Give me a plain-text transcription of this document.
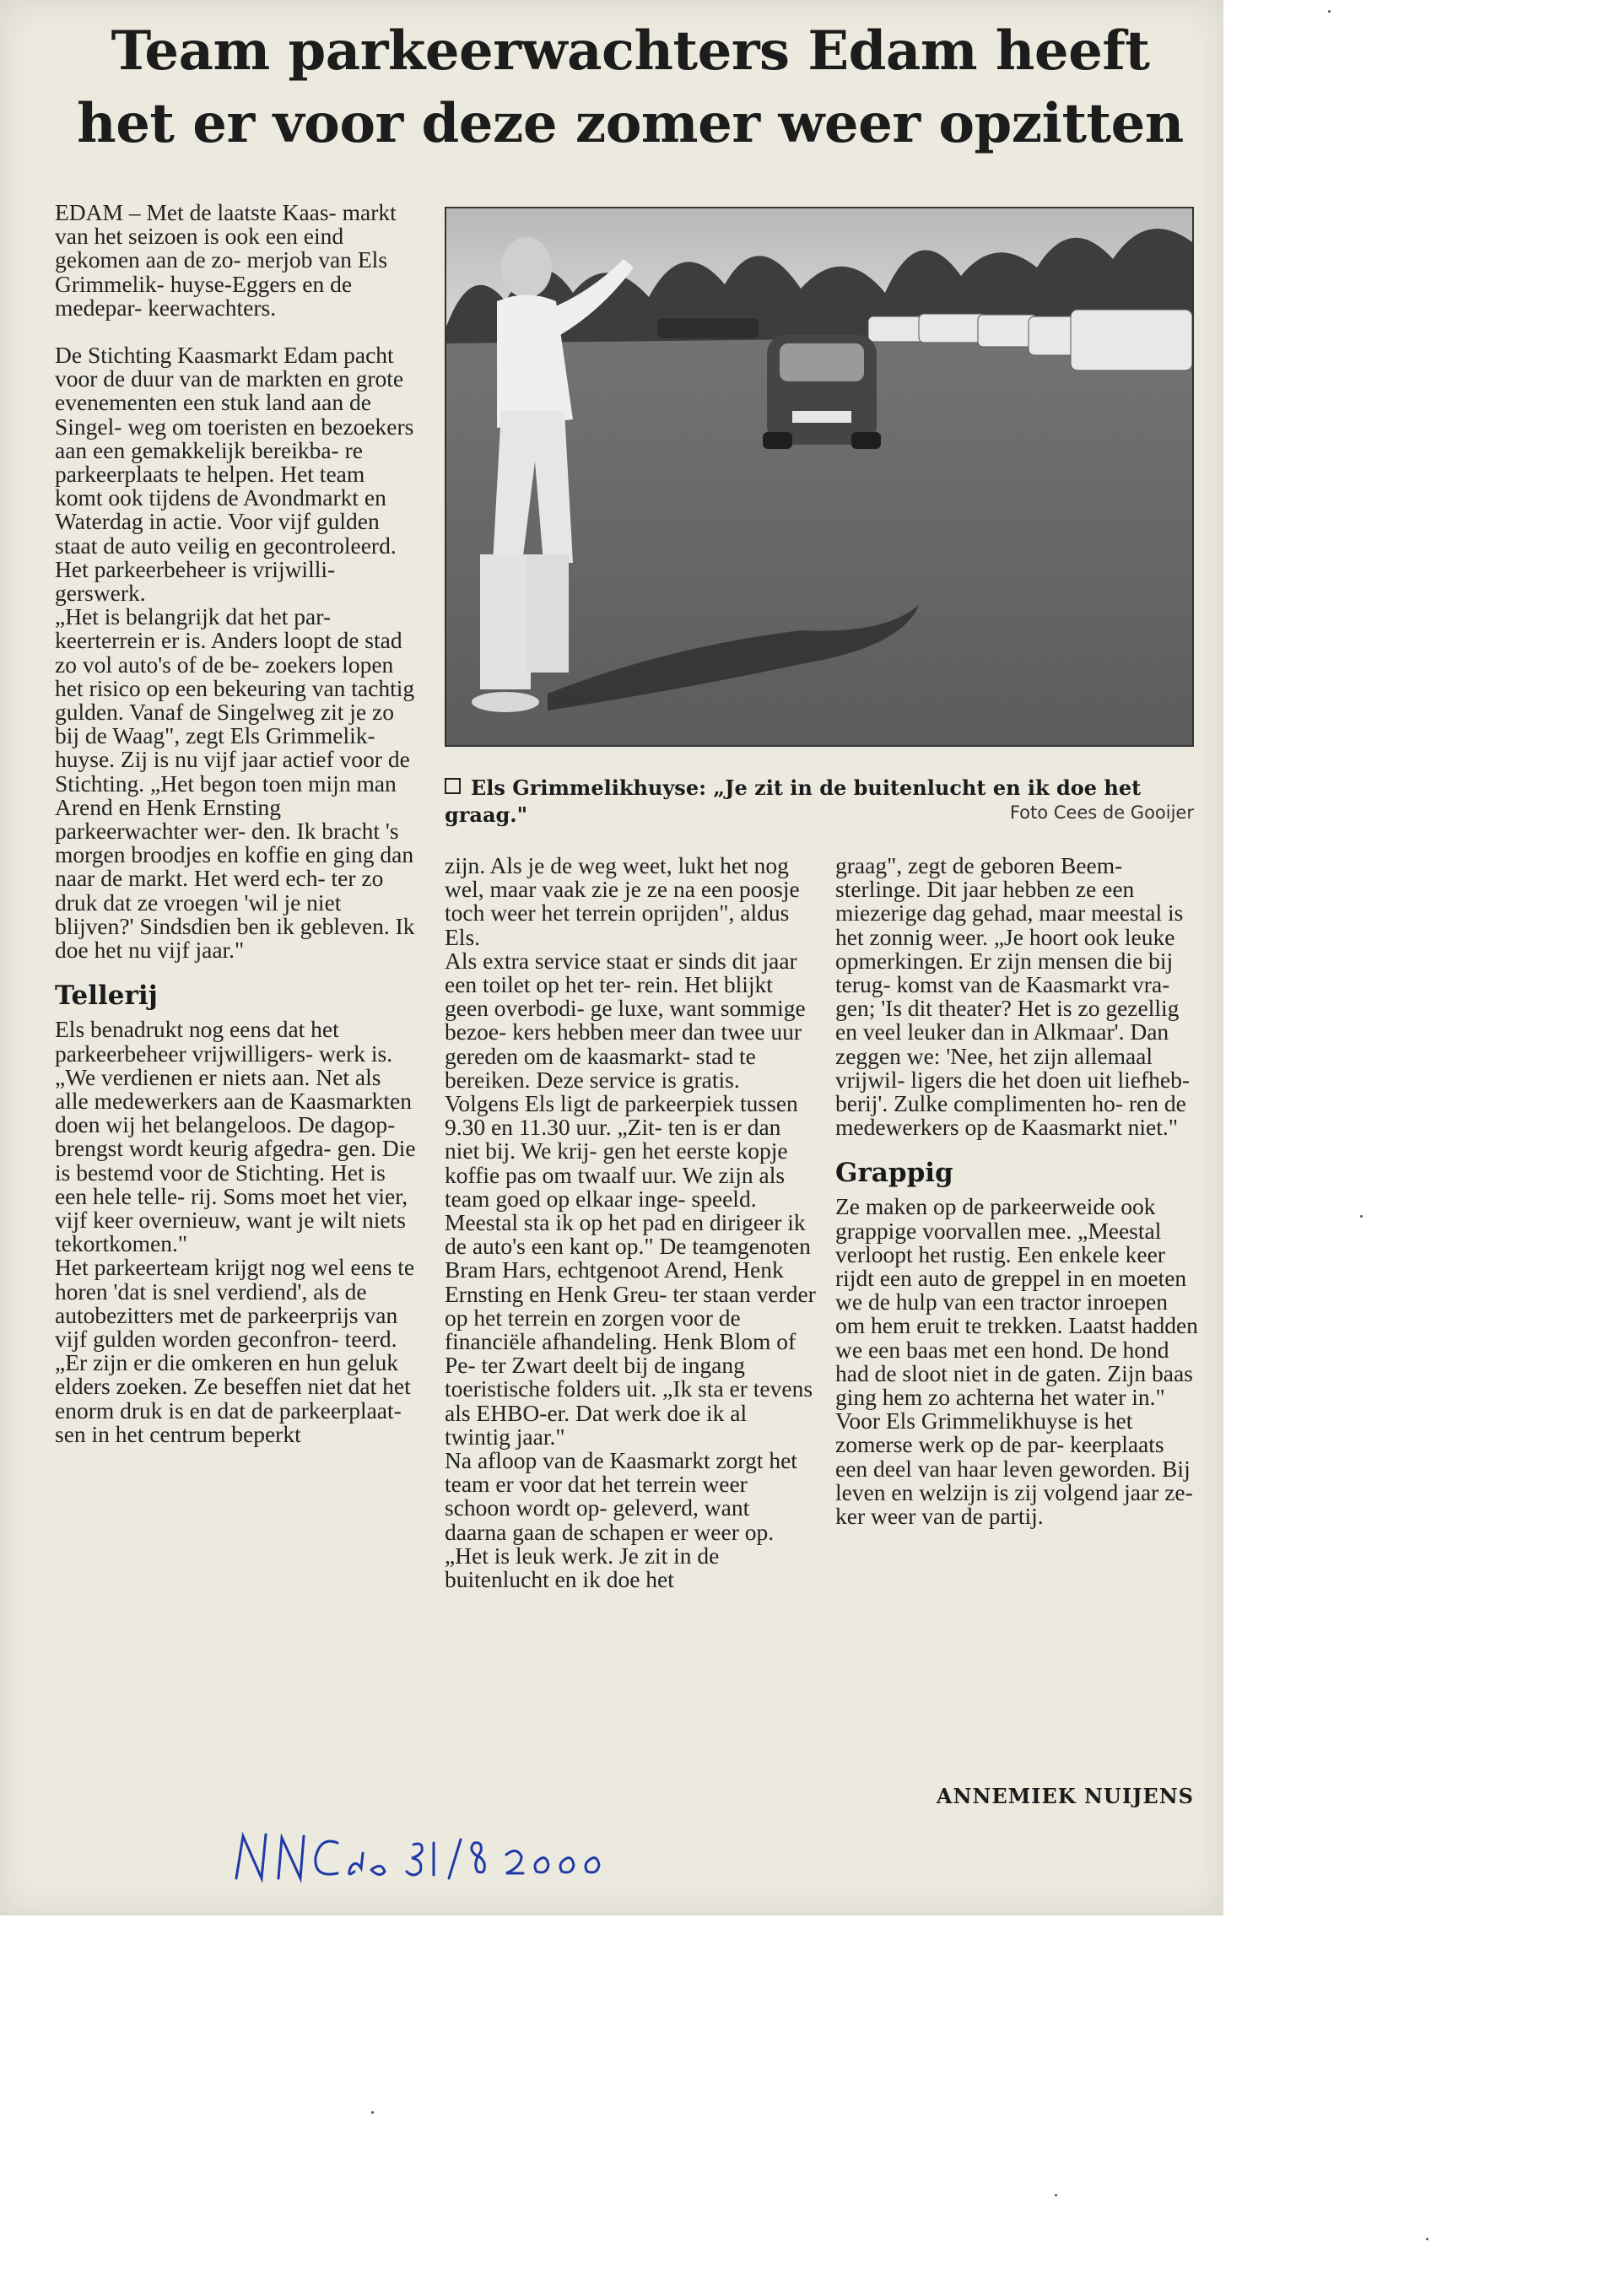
Team parkeerwachters Edam heeft
het er voor deze zomer weer opzitten

EDAM – Met de laatste Kaas- markt van het seizoen is ook een eind gekomen aan de zo- merjob van Els Grimmelik- huyse-Eggers en de medepar- keerwachters.

De Stichting Kaasmarkt Edam pacht voor de duur van de markten en grote evenementen een stuk land aan de Singel- weg om toeristen en bezoekers aan een gemakkelijk bereikba- re parkeerplaats te helpen. Het team komt ook tijdens de Avondmarkt en Waterdag in actie. Voor vijf gulden staat de auto veilig en gecontroleerd. Het parkeerbeheer is vrijwilli- gerswerk.

„Het is belangrijk dat het par- keerterrein er is. Anders loopt de stad zo vol auto's of de be- zoekers lopen het risico op een bekeuring van tachtig gulden. Vanaf de Singelweg zit je zo bij de Waag", zegt Els Grimmelik- huyse. Zij is nu vijf jaar actief voor de Stichting. „Het begon toen mijn man Arend en Henk Ernsting parkeerwachter wer- den. Ik bracht 's morgen broodjes en koffie en ging dan naar de markt. Het werd ech- ter zo druk dat ze vroegen 'wil je niet blijven?' Sindsdien ben ik gebleven. Ik doe het nu vijf jaar."

Tellerij

Els benadrukt nog eens dat het parkeerbeheer vrijwilligers- werk is. „We verdienen er niets aan. Net als alle medewerkers aan de Kaasmarkten doen wij het belangeloos. De dagop- brengst wordt keurig afgedra- gen. Die is bestemd voor de Stichting. Het is een hele telle- rij. Soms moet het vier, vijf keer overnieuw, want je wilt niets tekortkomen."

Het parkeerteam krijgt nog wel eens te horen 'dat is snel verdiend', als de autobezitters met de parkeerprijs van vijf gulden worden geconfron- teerd. „Er zijn er die omkeren en hun geluk elders zoeken. Ze beseffen niet dat het enorm druk is en dat de parkeerplaat- sen in het centrum beperkt

Els Grimmelikhuyse: „Je zit in de buitenlucht en ik doe het graag."	Foto Cees de Gooijer

zijn. Als je de weg weet, lukt het nog wel, maar vaak zie je ze na een poosje toch weer het terrein oprijden", aldus Els.

Als extra service staat er sinds dit jaar een toilet op het ter- rein. Het blijkt geen overbodi- ge luxe, want sommige bezoe- kers hebben meer dan twee uur gereden om de kaasmarkt- stad te bereiken. Deze service is gratis.

Volgens Els ligt de parkeerpiek tussen 9.30 en 11.30 uur. „Zit- ten is er dan niet bij. We krij- gen het eerste kopje koffie pas om twaalf uur. We zijn als team goed op elkaar inge- speeld. Meestal sta ik op het pad en dirigeer ik de auto's een kant op." De teamgenoten Bram Hars, echtgenoot Arend, Henk Ernsting en Henk Greu- ter staan verder op het terrein en zorgen voor de financiële afhandeling. Henk Blom of Pe- ter Zwart deelt bij de ingang toeristische folders uit. „Ik sta er tevens als EHBO-er. Dat werk doe ik al twintig jaar."

Na afloop van de Kaasmarkt zorgt het team er voor dat het terrein weer schoon wordt op- geleverd, want daarna gaan de schapen er weer op.

„Het is leuk werk. Je zit in de buitenlucht en ik doe het

graag", zegt de geboren Beem- sterlinge. Dit jaar hebben ze een miezerige dag gehad, maar meestal is het zonnig weer. „Je hoort ook leuke opmerkingen. Er zijn mensen die bij terug- komst van de Kaasmarkt vra- gen; 'Is dit theater? Het is zo gezellig en veel leuker dan in Alkmaar'. Dan zeggen we: 'Nee, het zijn allemaal vrijwil- ligers die het doen uit liefheb- berij'. Zulke complimenten ho- ren de medewerkers op de Kaasmarkt niet."

Grappig

Ze maken op de parkeerweide ook grappige voorvallen mee. „Meestal verloopt het rustig. Een enkele keer rijdt een auto de greppel in en moeten we de hulp van een tractor inroepen om hem eruit te trekken. Laatst hadden we een baas met een hond. De hond had de sloot niet in de gaten. Zijn baas ging hem zo achterna het water in."

Voor Els Grimmelikhuyse is het zomerse werk op de par- keerplaats een deel van haar leven geworden. Bij leven en welzijn is zij volgend jaar ze- ker weer van de partij.

ANNEMIEK NUIJENS
